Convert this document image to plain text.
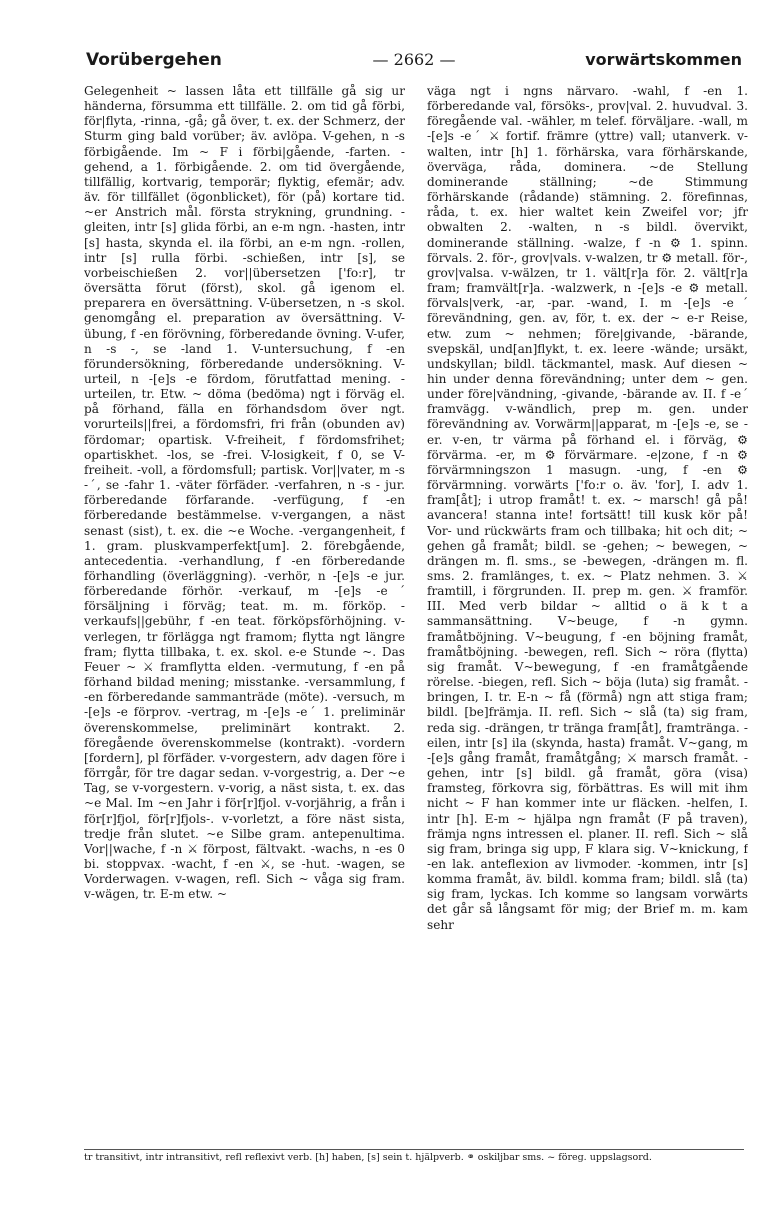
Vorübergehen	— 2662 —	vorwärtskommen

Gelegenheit ~ lassen låta ett tillfälle gå sig ur händerna, försumma ett tillfälle. 2. om tid gå förbi, för|flyta, -rinna, -gå; gå över, t. ex. der Schmerz, der Sturm ging bald vorüber; äv. avlöpa. V-gehen, n -s förbigående. Im ~ F i förbi|gående, -farten. -gehend, a 1. förbigående. 2. om tid övergående, tillfällig, kortvarig, temporär; flyktig, efemär; adv. äv. för tillfället (ögonblicket), för (på) kortare tid. ~er Anstrich mål. första strykning, grundning. -gleiten, intr [s] glida förbi, an e-m ngn. -hasten, intr [s] hasta, skynda el. ila förbi, an e-m ngn. -rollen, intr [s] rulla förbi. -schießen, intr [s], se vorbeischießen 2. vor||übersetzen ['fo:r], tr översätta förut (först), skol. gå igenom el. preparera en översättning. V-übersetzen, n -s skol. genomgång el. preparation av översättning. V-übung, f -en förövning, förberedande övning. V-ufer, n -s -, se -land 1. V-untersuchung, f -en förundersökning, förberedande undersökning. V-urteil, n -[e]s -e fördom, förutfattad mening. -urteilen, tr. Etw. ~ döma (bedöma) ngt i förväg el. på förhand, fälla en förhandsdom över ngt. vorurteils||frei, a fördomsfri, fri från (obunden av) fördomar; opartisk. V-freiheit, f fördomsfrihet; opartiskhet. -los, se -frei. V-losigkeit, f 0, se V-freiheit. -voll, a fördomsfull; partisk. Vor||vater, m -s -ˊ, se -fahr 1. -väter förfäder. -verfahren, n -s - jur. förberedande förfarande. -verfügung, f -en förberedande bestämmelse. v-vergangen, a näst senast (sist), t. ex. die ~e Woche. -vergangenheit, f 1. gram. pluskvamperfekt[um]. 2. förebgående, antecedentia. -verhandlung, f -en förberedande förhandling (överläggning). -verhör, n -[e]s -e jur. förberedande förhör. -verkauf, m -[e]s -eˊ försäljning i förväg; teat. m. m. förköp. -verkaufs||gebühr, f -en teat. förköpsförhöjning. v-verlegen, tr förlägga ngt framom; flytta ngt längre fram; flytta tillbaka, t. ex. skol. e-e Stunde ~. Das Feuer ~ ⚔ framflytta elden. -vermutung, f -en på förhand bildad mening; misstanke. -versammlung, f -en förberedande sammanträde (möte). -versuch, m -[e]s -e förprov. -vertrag, m -[e]s -eˊ 1. preliminär överenskommelse, preliminärt kontrakt. 2. föregående överenskommelse (kontrakt). -vordern [fordern], pl förfäder. v-vorgestern, adv dagen före i förrgår, för tre dagar sedan. v-vorgestrig, a. Der ~e Tag, se v-vorgestern. v-vorig, a näst sista, t. ex. das ~e Mal. Im ~en Jahr i för[r]fjol. v-vorjährig, a från i för[r]fjol, för[r]fjols-. v-vorletzt, a före näst sista, tredje från slutet. ~e Silbe gram. antepenultima. Vor||wache, f -n ⚔ förpost, fältvakt. -wachs, n -es 0 bi. stoppvax. -wacht, f -en ⚔, se -hut. -wagen, se Vorderwagen. v-wagen, refl. Sich ~ våga sig fram. v-wägen, tr. E-m etw. ~

väga ngt i ngns närvaro. -wahl, f -en 1. förberedande val, försöks-, prov|val. 2. huvudval. 3. föregående val. -wähler, m telef. förväljare. -wall, m -[e]s -eˊ ⚔ fortif. främre (yttre) vall; utanverk. v-walten, intr [h] 1. förhärska, vara förhärskande, överväga, råda, dominera. ~de Stellung dominerande ställning; ~de Stimmung förhärskande (rådande) stämning. 2. förefinnas, råda, t. ex. hier waltet kein Zweifel vor; jfr obwalten 2. -walten, n -s bildl. övervikt, dominerande ställning. -walze, f -n ⚙ 1. spinn. förvals. 2. för-, grov|vals. v-walzen, tr ⚙ metall. för-, grov|valsa. v-wälzen, tr 1. vält[r]a för. 2. vält[r]a fram; framvält[r]a. -walzwerk, n -[e]s -e ⚙ metall. förvals|verk, -ar, -par. -wand, I. m -[e]s -eˊ förevändning, gen. av, för, t. ex. der ~ e-r Reise, etw. zum ~ nehmen; före|givande, -bärande, svepskäl, und[an]flykt, t. ex. leere -wände; ursäkt, undskyllan; bildl. täckmantel, mask. Auf diesen ~ hin under denna förevändning; unter dem ~ gen. under före|vändning, -givande, -bärande av. II. f -eˊ framvägg. v-wändlich, prep m. gen. under förevändning av. Vorwärm||apparat, m -[e]s -e, se -er. v-en, tr värma på förhand el. i förväg, ⚙ förvärma. -er, m ⚙ förvärmare. -e|zone, f -n ⚙ förvärmningszon 1 masugn. -ung, f -en ⚙ förvärmning. vorwärts ['fo:r o. äv. 'for], I. adv 1. fram[åt]; i utrop framåt! t. ex. ~ marsch! gå på! avancera! stanna inte! fortsätt! till kusk kör på! Vor- und rückwärts fram och tillbaka; hit och dit; ~ gehen gå framåt; bildl. se -gehen; ~ bewegen, ~ drängen m. fl. sms., se -bewegen, -drängen m. fl. sms. 2. framlänges, t. ex. ~ Platz nehmen. 3. ⚔ framtill, i förgrunden. II. prep m. gen. ⚔ framför. III. Med verb bildar ~ alltid o ä k t a sammansättning. V~beuge, f -n gymn. framåtböjning. V~beugung, f -en böjning framåt, framåtböjning. -bewegen, refl. Sich ~ röra (flytta) sig framåt. V~bewegung, f -en framåtgående rörelse. -biegen, refl. Sich ~ böja (luta) sig framåt. -bringen, I. tr. E-n ~ få (förmå) ngn att stiga fram; bildl. [be]främja. II. refl. Sich ~ slå (ta) sig fram, reda sig. -drängen, tr tränga fram[åt], framtränga. -eilen, intr [s] ila (skynda, hasta) framåt. V~gang, m -[e]s gång framåt, framåtgång; ⚔ marsch framåt. -gehen, intr [s] bildl. gå framåt, göra (visa) framsteg, förkovra sig, förbättras. Es will mit ihm nicht ~ F han kommer inte ur fläcken. -helfen, I. intr [h]. E-m ~ hjälpa ngn framåt (F på traven), främja ngns intressen el. planer. II. refl. Sich ~ slå sig fram, bringa sig upp, F klara sig. V~knickung, f -en lak. anteflexion av livmoder. -kommen, intr [s] komma framåt, äv. bildl. komma fram; bildl. slå (ta) sig fram, lyckas. Ich komme so langsam vorwärts det går så långsamt för mig; der Brief m. m. kam sehr

tr transitivt, intr intransitivt, refl reflexivt verb. [h] haben, [s] sein t. hjälpverb. ⚭ oskiljbar sms. ~ föreg. uppslagsord.
